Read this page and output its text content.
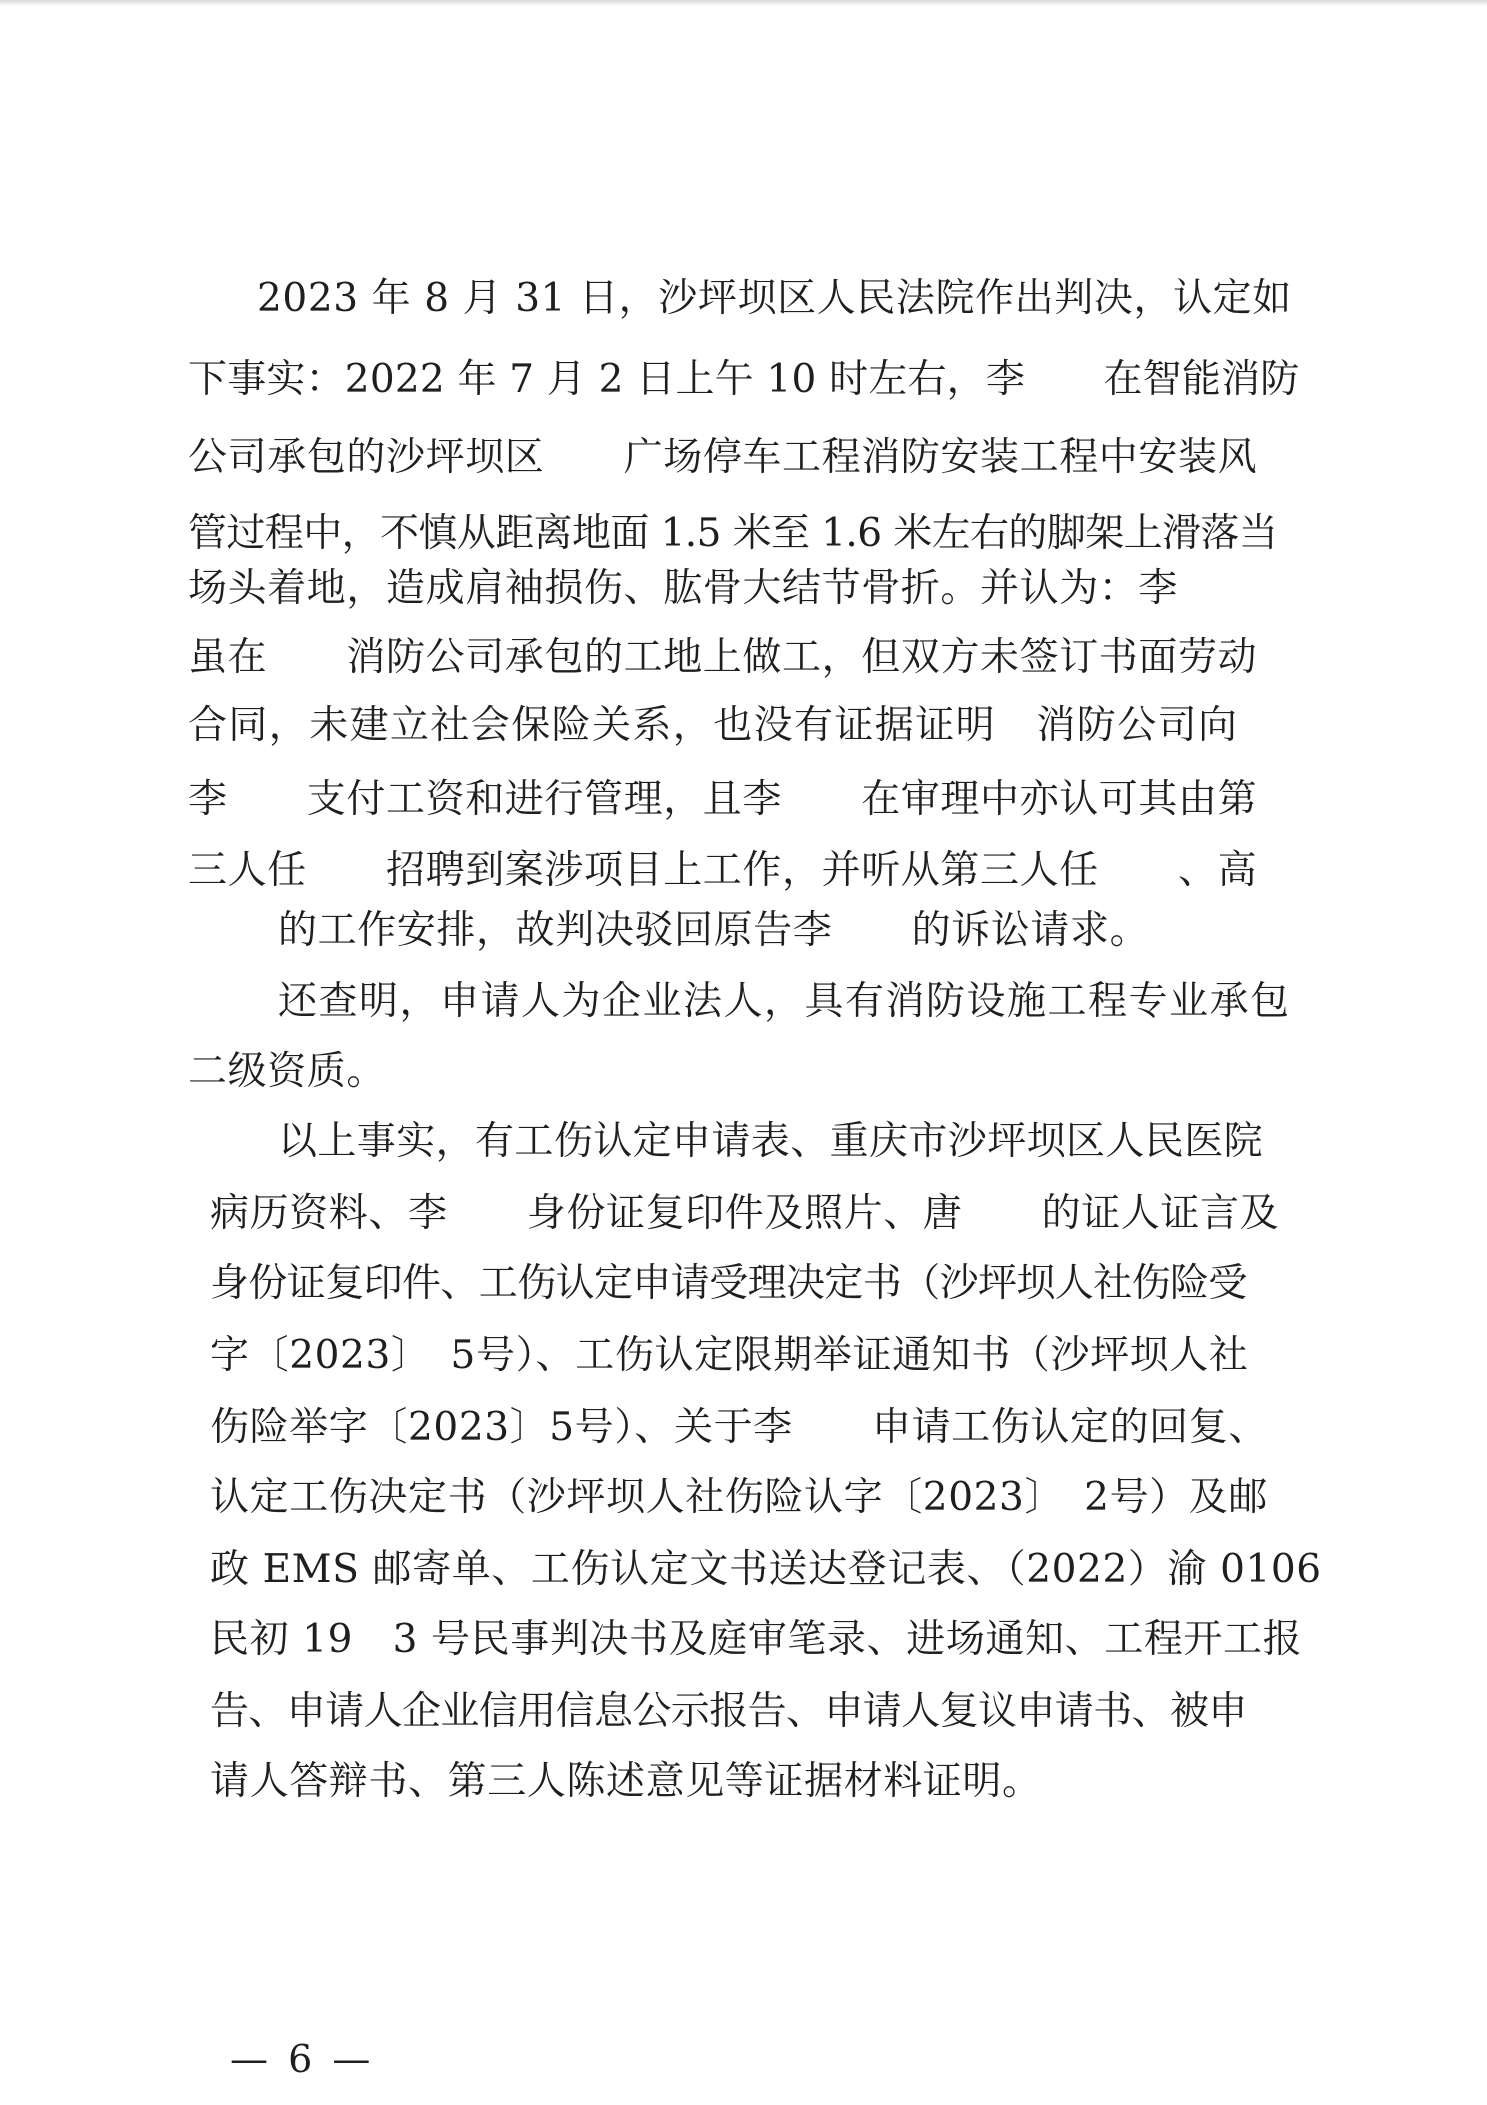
2023 年 8 月 31 日，沙坪坝区人民法院作出判决，认定如
下事实：2022 年 7 月 2 日上午 10 时左右，李　　在智能消防
公司承包的沙坪坝区　　广场停车工程消防安装工程中安装风
管过程中，不慎从距离地面 1.5 米至 1.6 米左右的脚架上滑落当
场头着地，造成肩袖损伤、肱骨大结节骨折。并认为：李
虽在　　消防公司承包的工地上做工，但双方未签订书面劳动
合同，未建立社会保险关系，也没有证据证明　消防公司向
李　　支付工资和进行管理，且李　　在审理中亦认可其由第
三人任　　招聘到案涉项目上工作，并听从第三人任　　、高
的工作安排，故判决驳回原告李　　的诉讼请求。
还查明，申请人为企业法人，具有消防设施工程专业承包
二级资质。
以上事实，有工伤认定申请表、重庆市沙坪坝区人民医院
病历资料、李　　身份证复印件及照片、唐　　的证人证言及
身份证复印件、工伤认定申请受理决定书（沙坪坝人社伤险受
字〔2023〕　5号）、工伤认定限期举证通知书（沙坪坝人社
伤险举字〔2023〕5号）、关于李　　申请工伤认定的回复、
认定工伤决定书（沙坪坝人社伤险认字〔2023〕　2号）及邮
政 EMS 邮寄单、工伤认定文书送达登记表、（2022）渝 0106
民初 19　3 号民事判决书及庭审笔录、进场通知、工程开工报
告、申请人企业信用信息公示报告、申请人复议申请书、被申
请人答辩书、第三人陈述意见等证据材料证明。
— 6 —
